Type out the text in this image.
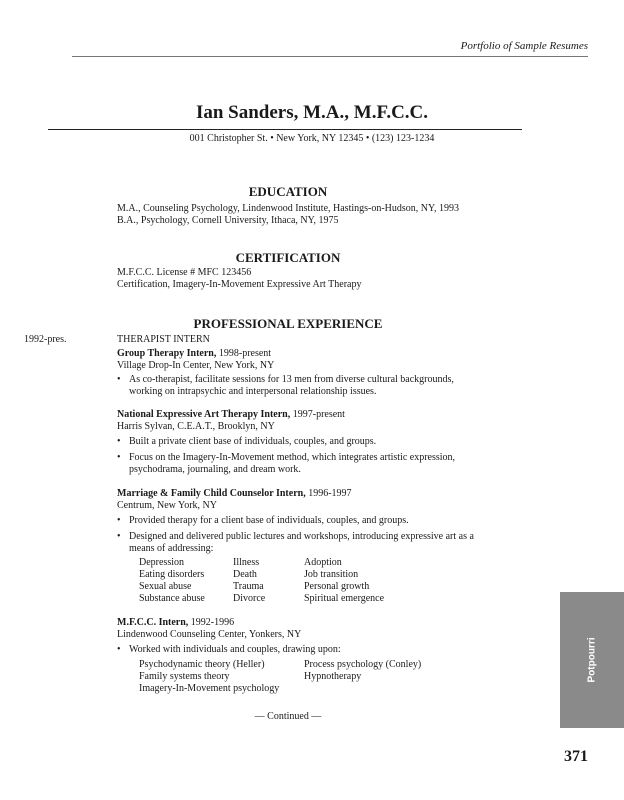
Portfolio of Sample Resumes
Ian Sanders, M.A., M.F.C.C.
001 Christopher St. • New York, NY 12345 • (123) 123-1234
EDUCATION
M.A., Counseling Psychology, Lindenwood Institute, Hastings-on-Hudson, NY, 1993
B.A., Psychology, Cornell University, Ithaca, NY, 1975
CERTIFICATION
M.F.C.C. License # MFC 123456
Certification, Imagery-In-Movement Expressive Art Therapy
PROFESSIONAL EXPERIENCE
1992-pres.	THERAPIST INTERN
Group Therapy Intern, 1998-present
Village Drop-In Center, New York, NY
• As co-therapist, facilitate sessions for 13 men from diverse cultural backgrounds,
working on intrapsychic and interpersonal relationship issues.
National Expressive Art Therapy Intern, 1997-present
Harris Sylvan, C.E.A.T., Brooklyn, NY
• Built a private client base of individuals, couples, and groups.
• Focus on the Imagery-In-Movement method, which integrates artistic expression,
psychodrama, journaling, and dream work.
Marriage & Family Child Counselor Intern, 1996-1997
Centrum, New York, NY
• Provided therapy for a client base of individuals, couples, and groups.
• Designed and delivered public lectures and workshops, introducing expressive art as a
means of addressing:
Depression	Illness	Adoption
Eating disorders	Death	Job transition
Sexual abuse	Trauma	Personal growth
Substance abuse	Divorce	Spiritual emergence
M.F.C.C. Intern, 1992-1996
Lindenwood Counseling Center, Yonkers, NY
• Worked with individuals and couples, drawing upon:
Psychodynamic theory (Heller)	Process psychology (Conley)
Family systems theory	Hypnotherapy
Imagery-In-Movement psychology
— Continued —
Potpourri
371
